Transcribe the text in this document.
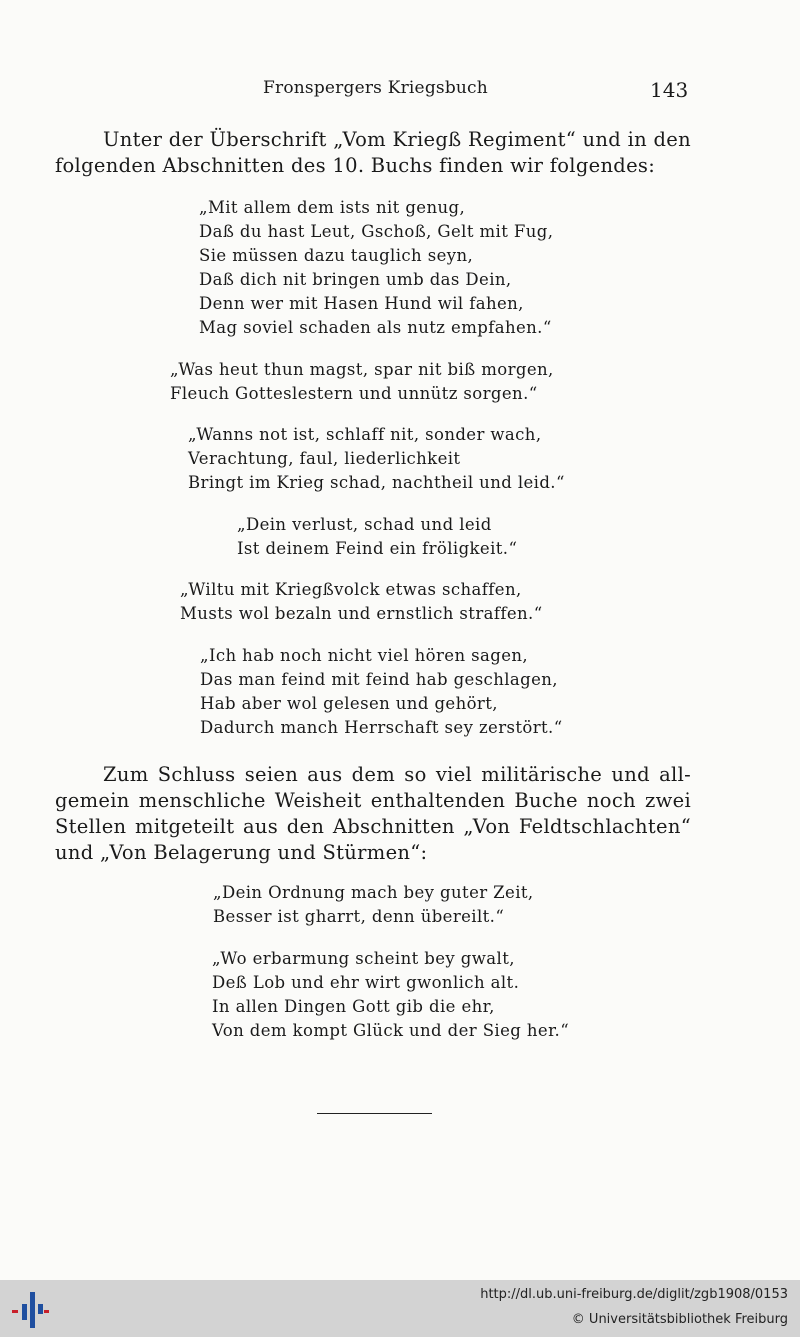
Fronspergers Kriegsbuch	143
Unter der Überschrift „Vom Kriegß Regiment“ und in den
folgenden Abschnitten des 10. Buchs finden wir folgendes:
„Mit allem dem ists nit genug,
Daß du hast Leut, Gschoß, Gelt mit Fug,
Sie müssen dazu tauglich seyn,
Daß dich nit bringen umb das Dein,
Denn wer mit Hasen Hund wil fahen,
Mag soviel schaden als nutz empfahen.“
„Was heut thun magst, spar nit biß morgen,
Fleuch Gotteslestern und unnütz sorgen.“
„Wanns not ist, schlaff nit, sonder wach,
Verachtung, faul, liederlichkeit
Bringt im Krieg schad, nachtheil und leid.“
„Dein verlust, schad und leid
Ist deinem Feind ein fröligkeit.“
„Wiltu mit Kriegßvolck etwas schaffen,
Musts wol bezaln und ernstlich straffen.“
„Ich hab noch nicht viel hören sagen,
Das man feind mit feind hab geschlagen,
Hab aber wol gelesen und gehört,
Dadurch manch Herrschaft sey zerstört.“
Zum Schluss seien aus dem so viel militärische und all-
gemein menschliche Weisheit enthaltenden Buche noch zwei
Stellen mitgeteilt aus den Abschnitten „Von Feldtschlachten“
und „Von Belagerung und Stürmen“:
„Dein Ordnung mach bey guter Zeit,
Besser ist gharrt, denn übereilt.“
„Wo erbarmung scheint bey gwalt,
Deß Lob und ehr wirt gwonlich alt.
In allen Dingen Gott gib die ehr,
Von dem kompt Glück und der Sieg her.“
http://dl.ub.uni-freiburg.de/diglit/zgb1908/0153
© Universitätsbibliothek Freiburg
